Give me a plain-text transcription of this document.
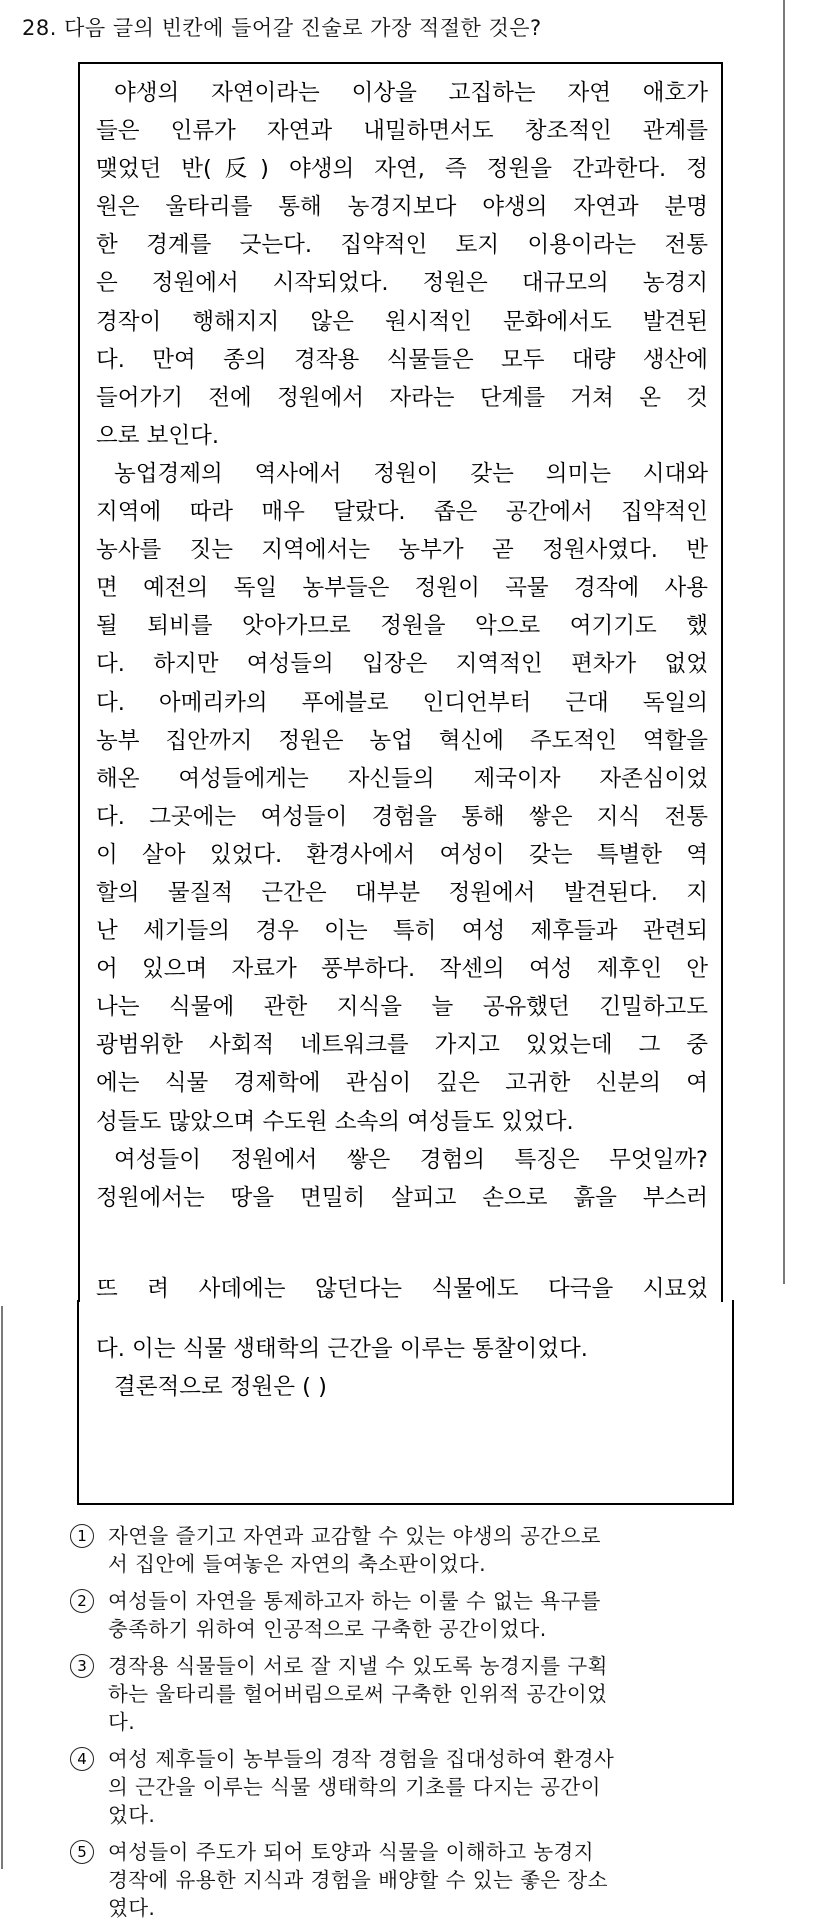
28. 다음 글의 빈칸에 들어갈 진술로 가장 적절한 것은?
야생의 자연이라는 이상을 고집하는 자연 애호가
들은 인류가 자연과 내밀하면서도 창조적인 관계를
맺었던 반(反) 야생의 자연, 즉 정원을 간과한다. 정
원은 울타리를 통해 농경지보다 야생의 자연과 분명
한 경계를 긋는다. 집약적인 토지 이용이라는 전통
은 정원에서 시작되었다. 정원은 대규모의 농경지
경작이 행해지지 않은 원시적인 문화에서도 발견된
다. 만여 종의 경작용 식물들은 모두 대량 생산에
들어가기 전에 정원에서 자라는 단계를 거쳐 온 것
으로 보인다.
농업경제의 역사에서 정원이 갖는 의미는 시대와
지역에 따라 매우 달랐다. 좁은 공간에서 집약적인
농사를 짓는 지역에서는 농부가 곧 정원사였다. 반
면 예전의 독일 농부들은 정원이 곡물 경작에 사용
될 퇴비를 앗아가므로 정원을 악으로 여기기도 했
다. 하지만 여성들의 입장은 지역적인 편차가 없었
다. 아메리카의 푸에블로 인디언부터 근대 독일의
농부 집안까지 정원은 농업 혁신에 주도적인 역할을
해온 여성들에게는 자신들의 제국이자 자존심이었
다. 그곳에는 여성들이 경험을 통해 쌓은 지식 전통
이 살아 있었다. 환경사에서 여성이 갖는 특별한 역
할의 물질적 근간은 대부분 정원에서 발견된다. 지
난 세기들의 경우 이는 특히 여성 제후들과 관련되
어 있으며 자료가 풍부하다. 작센의 여성 제후인 안
나는 식물에 관한 지식을 늘 공유했던 긴밀하고도
광범위한 사회적 네트워크를 가지고 있었는데 그 중
에는 식물 경제학에 관심이 깊은 고귀한 신분의 여
성들도 많았으며 수도원 소속의 여성들도 있었다.
여성들이 정원에서 쌓은 경험의 특징은 무엇일까?
정원에서는 땅을 면밀히 살피고 손으로 흙을 부스러
뜨 려 사데에는 않던다는 식물에도 다극을 시묘었
다. 이는 식물 생태학의 근간을 이루는 통찰이었다.
결론적으로 정원은 ( )
1	자연을 즐기고 자연과 교감할 수 있는 야생의 공간으로
서 집안에 들여놓은 자연의 축소판이었다.
2	여성들이 자연을 통제하고자 하는 이룰 수 없는 욕구를
충족하기 위하여 인공적으로 구축한 공간이었다.
3	경작용 식물들이 서로 잘 지낼 수 있도록 농경지를 구획
하는 울타리를 헐어버림으로써 구축한 인위적 공간이었
다.
4	여성 제후들이 농부들의 경작 경험을 집대성하여 환경사
의 근간을 이루는 식물 생태학의 기초를 다지는 공간이
었다.
5	여성들이 주도가 되어 토양과 식물을 이해하고 농경지
경작에 유용한 지식과 경험을 배양할 수 있는 좋은 장소
였다.
